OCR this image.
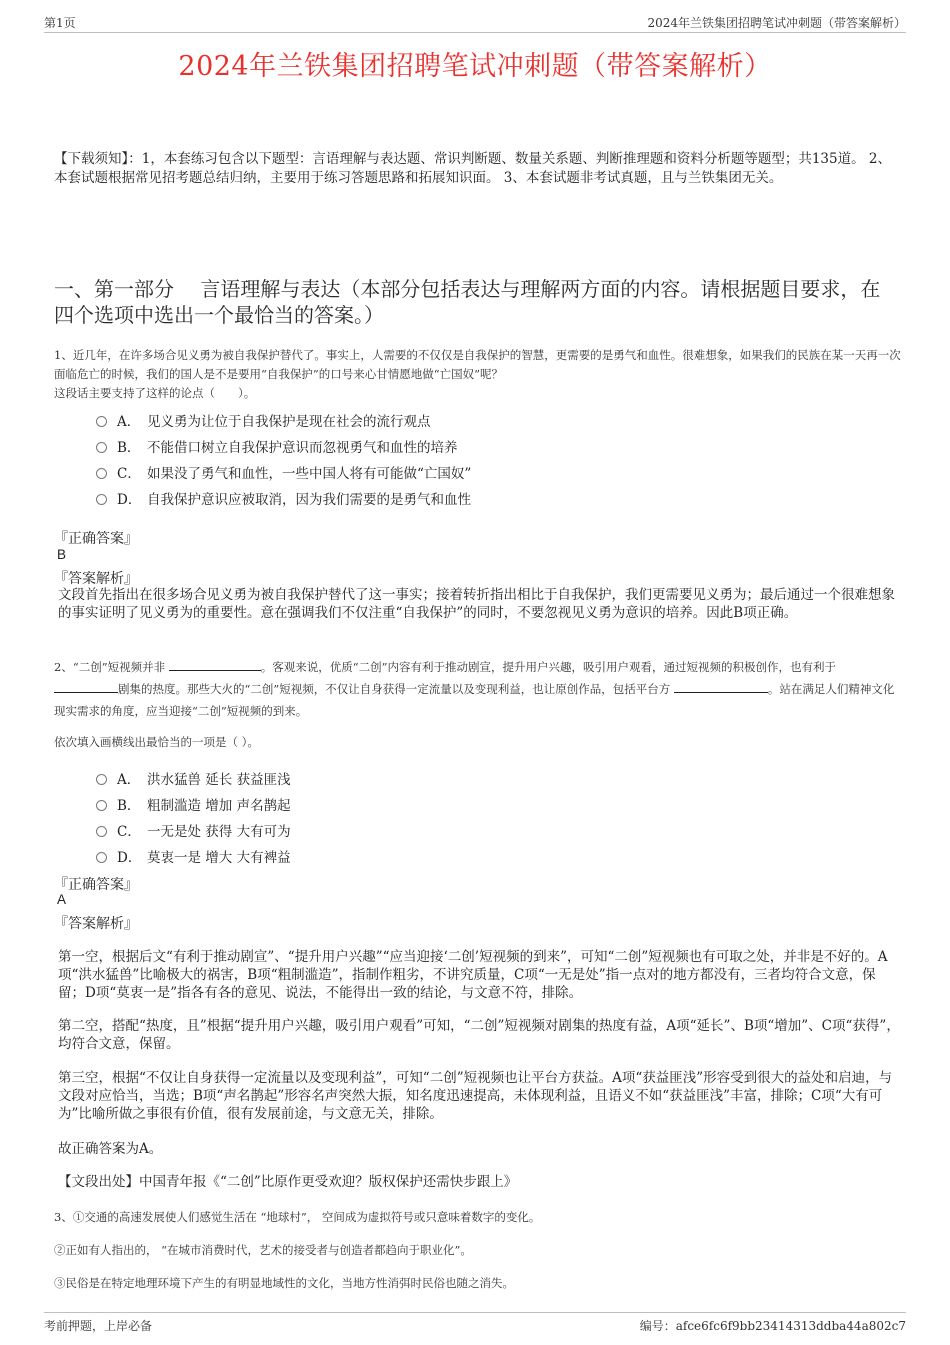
第1页	2024年兰铁集团招聘笔试冲刺题（带答案解析）
2024年兰铁集团招聘笔试冲刺题（带答案解析）
【下载须知】：1，本套练习包含以下题型：言语理解与表达题、常识判断题、数量关系题、判断推理题和资料分析题等题型；共135道。 2、本套试题根据常见招考题总结归纳，主要用于练习答题思路和拓展知识面。 3、本套试题非考试真题，且与兰铁集团无关。
一、第一部分　 言语理解与表达（本部分包括表达与理解两方面的内容。请根据题目要求，在四个选项中选出一个最恰当的答案。）
1、近几年，在许多场合见义勇为被自我保护替代了。事实上，人需要的不仅仅是自我保护的智慧，更需要的是勇气和血性。很难想象，如果我们的民族在某一天再一次面临危亡的时候，我们的国人是不是要用“自我保护”的口号来心甘情愿地做“亡国奴”呢？
这段话主要支持了这样的论点（　　）。
A． 见义勇为让位于自我保护是现在社会的流行观点
B． 不能借口树立自我保护意识而忽视勇气和血性的培养
C． 如果没了勇气和血性，一些中国人将有可能做“亡国奴”
D． 自我保护意识应被取消，因为我们需要的是勇气和血性
『正确答案』
B
『答案解析』
文段首先指出在很多场合见义勇为被自我保护替代了这一事实；接着转折指出相比于自我保护，我们更需要见义勇为；最后通过一个很难想象的事实证明了见义勇为的重要性。意在强调我们不仅注重“自我保护”的同时，不要忽视见义勇为意识的培养。因此B项正确。
2、“二创”短视频并非	。客观来说，优质“二创”内容有利于推动剧宣，提升用户兴趣，吸引用户观看，通过短视频的积极创作，也有利于 剧集的热度。那些大火的“二创”短视频，不仅让自身获得一定流量以及变现利益，也让原创作品，包括平台方	。站在满足人们精神文化现实需求的角度，应当迎接“二创”短视频的到来。
依次填入画横线出最恰当的一项是（ ）。
A． 洪水猛兽 延长 获益匪浅
B． 粗制滥造 增加 声名鹊起
C． 一无是处 获得 大有可为
D． 莫衷一是 增大 大有裨益
『正确答案』
A
『答案解析』
第一空，根据后文“有利于推动剧宣”、“提升用户兴趣”“应当迎接‘二创’短视频的到来”，可知“二创”短视频也有可取之处，并非是不好的。A项“洪水猛兽”比喻极大的祸害，B项“粗制滥造”，指制作粗劣，不讲究质量，C项“一无是处”指一点对的地方都没有，三者均符合文意，保留；D项“莫衷一是”指各有各的意见、说法，不能得出一致的结论，与文意不符，排除。
第二空，搭配“热度，且”根据“提升用户兴趣，吸引用户观看”可知，“二创”短视频对剧集的热度有益，A项“延长”、B项“增加”、C项“获得”，均符合文意，保留。
第三空，根据“不仅让自身获得一定流量以及变现利益”，可知“二创”短视频也让平台方获益。A项“获益匪浅”形容受到很大的益处和启迪，与文段对应恰当，当选；B项“声名鹊起”形容名声突然大振，知名度迅速提高，未体现利益，且语义不如“获益匪浅”丰富，排除；C项“大有可为”比喻所做之事很有价值，很有发展前途，与文意无关，排除。
故正确答案为A。
【文段出处】中国青年报《“二创”比原作更受欢迎？版权保护还需快步跟上》
3、①交通的高速发展使人们感觉生活在 “地球村”， 空间成为虚拟符号或只意味着数字的变化。
②正如有人指出的， “在城市消费时代，艺术的接受者与创造者都趋向于职业化”。
③民俗是在特定地理环境下产生的有明显地域性的文化，当地方性消弭时民俗也随之消失。
考前押题，上岸必备	编号：afce6fc6f9bb23414313ddba44a802c7
